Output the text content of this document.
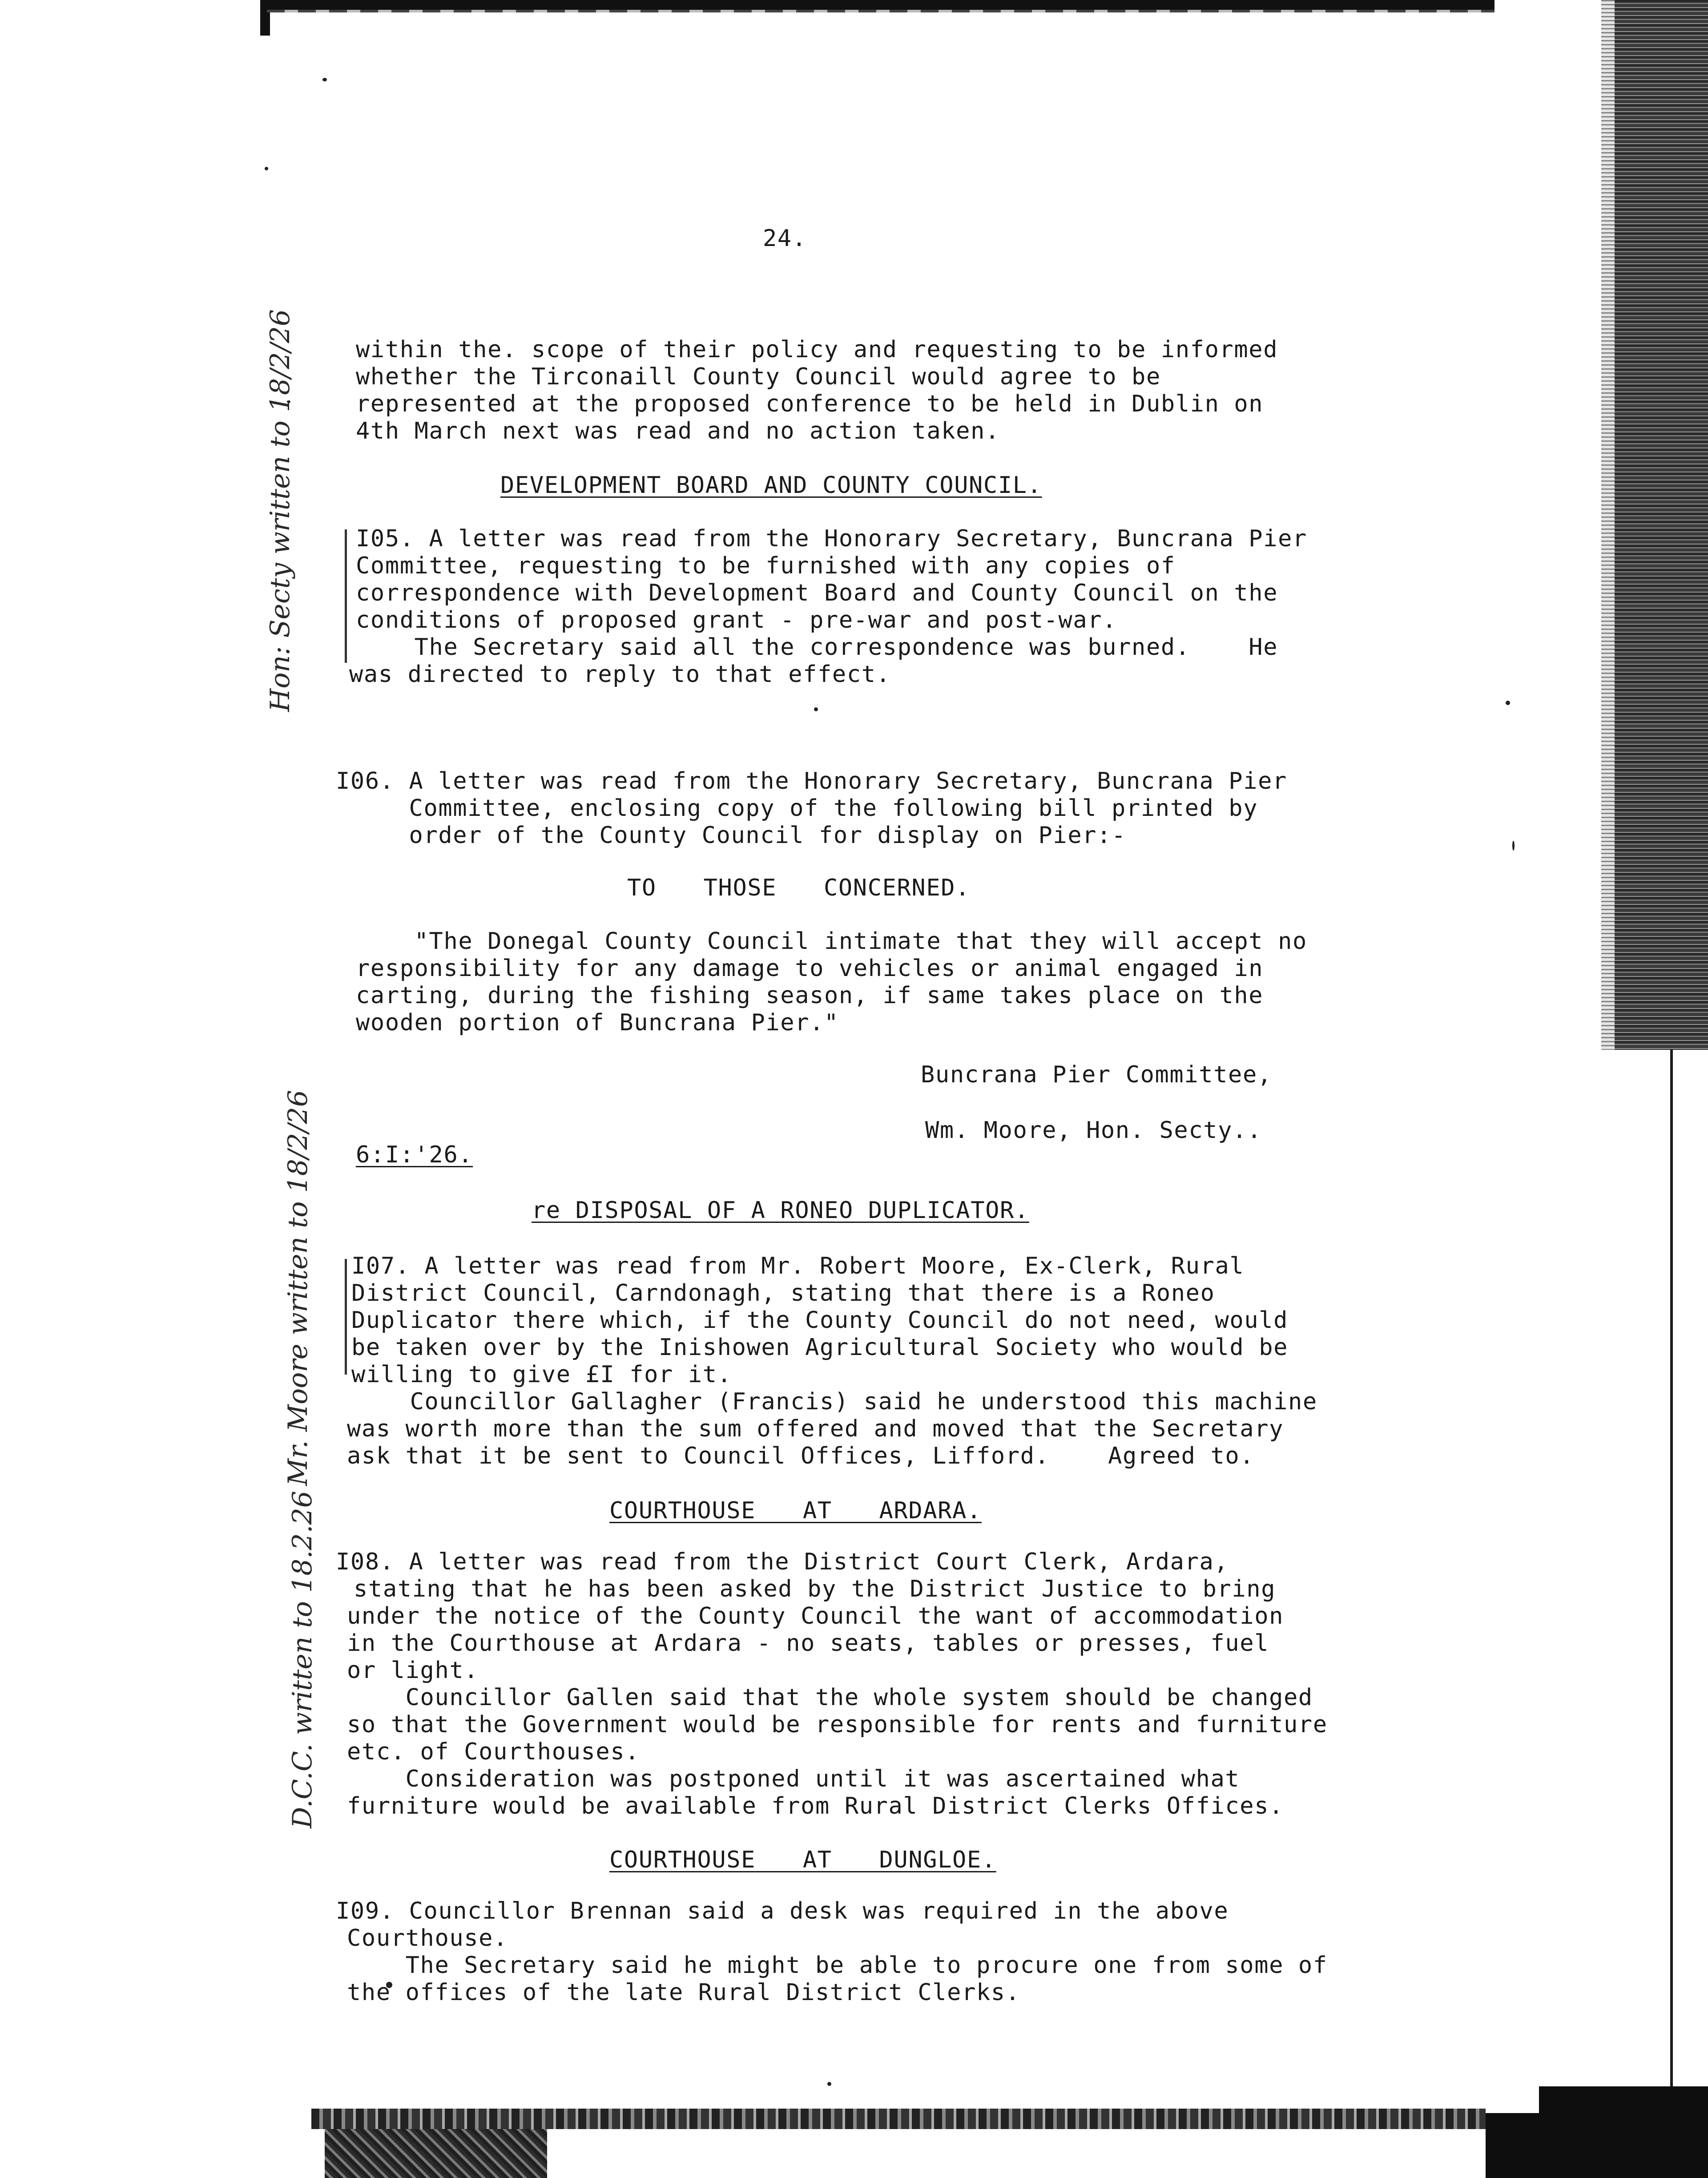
24.
within the. scope of their policy and requesting to be informed
whether the Tirconaill County Council would agree to be
represented at the proposed conference to be held in Dublin on
4th March next was read and no action taken.
DEVELOPMENT BOARD AND COUNTY COUNCIL.
I05. A letter was read from the Honorary Secretary, Buncrana Pier
Committee, requesting to be furnished with any copies of
correspondence with Development Board and County Council on the
conditions of proposed grant - pre-war and post-war.
The Secretary said all the correspondence was burned.    He
was directed to reply to that effect.
Hon: Secty written to 18/2/26
I06. A letter was read from the Honorary Secretary, Buncrana Pier
Committee, enclosing copy of the following bill printed by
order of the County Council for display on Pier:-
TO  THOSE  CONCERNED.
"The Donegal County Council intimate that they will accept no
responsibility for any damage to vehicles or animal engaged in
carting, during the fishing season, if same takes place on the
wooden portion of Buncrana Pier."
Buncrana Pier Committee,
Wm. Moore, Hon. Secty..
6:I:'26.
re DISPOSAL OF A RONEO DUPLICATOR.
I07. A letter was read from Mr. Robert Moore, Ex-Clerk, Rural
District Council, Carndonagh, stating that there is a Roneo
Duplicator there which, if the County Council do not need, would
be taken over by the Inishowen Agricultural Society who would be
willing to give £I for it.
Councillor Gallagher (Francis) said he understood this machine
was worth more than the sum offered and moved that the Secretary
ask that it be sent to Council Offices, Lifford.    Agreed to.
Mr. Moore written to 18/2/26
COURTHOUSE  AT  ARDARA.
I08. A letter was read from the District Court Clerk, Ardara,
stating that he has been asked by the District Justice to bring
under the notice of the County Council the want of accommodation
in the Courthouse at Ardara - no seats, tables or presses, fuel
or light.
Councillor Gallen said that the whole system should be changed
so that the Government would be responsible for rents and furniture
etc. of Courthouses.
Consideration was postponed until it was ascertained what
furniture would be available from Rural District Clerks Offices.
D.C.C. written to 18.2.26
COURTHOUSE  AT  DUNGLOE.
I09. Councillor Brennan said a desk was required in the above
Courthouse.
The Secretary said he might be able to procure one from some of
the offices of the late Rural District Clerks.
